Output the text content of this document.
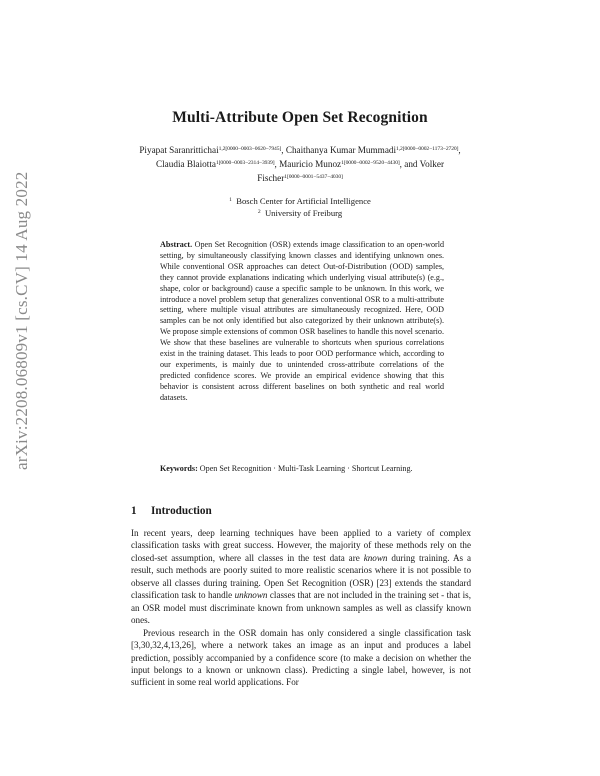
arXiv:2208.06809v1 [cs.CV] 14 Aug 2022
Multi-Attribute Open Set Recognition
Piyapat Saranrittichai$^{1,2[0000-0003-0620-7945]}$, Chaithanya Kumar Mummadi$^{1,2[0000-0002-1173-2720]}$, Claudia Blaiotta$^{1[0000-0003-2314-3939]}$, Mauricio Munoz$^{1[0000-0002-9520-4430]}$, and Volker Fischer$^{1[0000-0001-5437-4030]}$
$^1$ Bosch Center for Artificial Intelligence
$^2$ University of Freiburg
Abstract. Open Set Recognition (OSR) extends image classification to an open-world setting, by simultaneously classifying known classes and identifying unknown ones. While conventional OSR approaches can detect Out-of-Distribution (OOD) samples, they cannot provide explanations indicating which underlying visual attribute(s) (e.g., shape, color or background) cause a specific sample to be unknown. In this work, we introduce a novel problem setup that generalizes conventional OSR to a multi-attribute setting, where multiple visual attributes are simultaneously recognized. Here, OOD samples can be not only identified but also categorized by their unknown attribute(s). We propose simple extensions of common OSR baselines to handle this novel scenario. We show that these baselines are vulnerable to shortcuts when spurious correlations exist in the training dataset. This leads to poor OOD performance which, according to our experiments, is mainly due to unintended cross-attribute correlations of the predicted confidence scores. We provide an empirical evidence showing that this behavior is consistent across different baselines on both synthetic and real world datasets.
Keywords: Open Set Recognition · Multi-Task Learning · Shortcut Learning.
1 Introduction

In recent years, deep learning techniques have been applied to a variety of complex classification tasks with great success. However, the majority of these methods rely on the closed-set assumption, where all classes in the test data are known during training. As a result, such methods are poorly suited to more realistic scenarios where it is not possible to observe all classes during training. Open Set Recognition (OSR) [23] extends the standard classification task to handle unknown classes that are not included in the training set - that is, an OSR model must discriminate known from unknown samples as well as classify known ones.

Previous research in the OSR domain has only considered a single classification task [3,30,32,4,13,26], where a network takes an image as an input and produces a label prediction, possibly accompanied by a confidence score (to make a decision on whether the input belongs to a known or unknown class). Predicting a single label, however, is not sufficient in some real world applications. For
